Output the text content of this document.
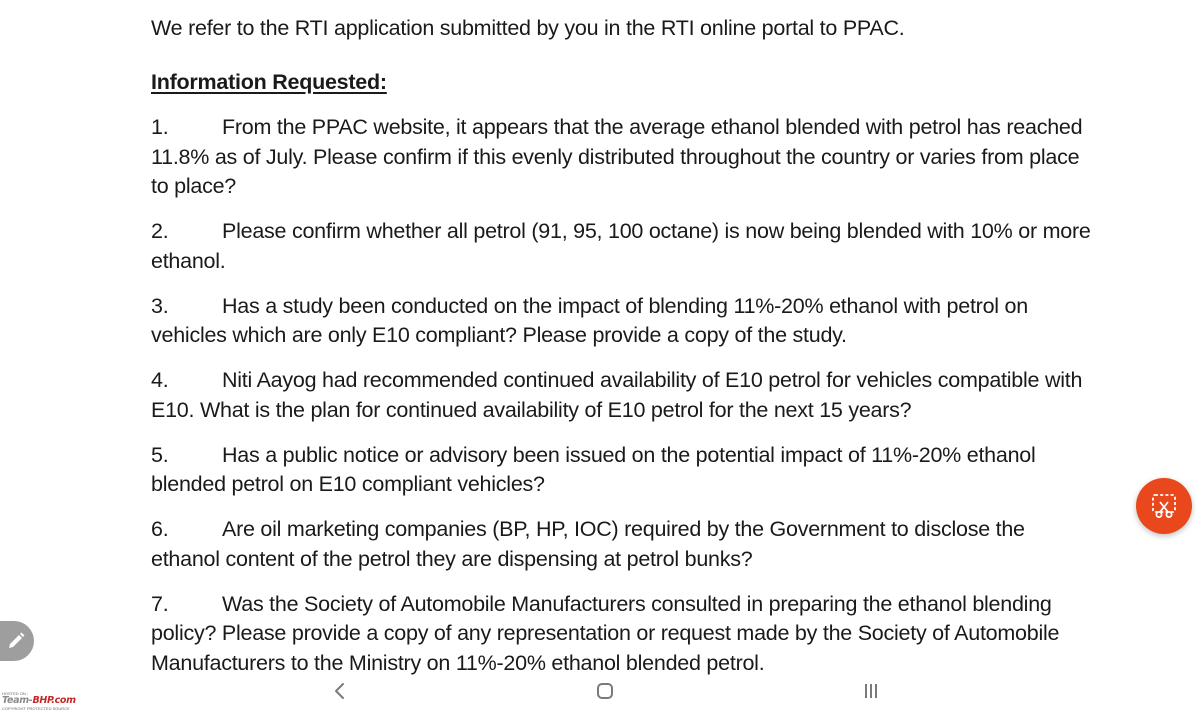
We refer to the RTI application submitted by you in the RTI online portal to PPAC.

Information Requested:

1. From the PPAC website, it appears that the average ethanol blended with petrol has reached 11.8% as of July. Please confirm if this evenly distributed throughout the country or varies from place to place?

2. Please confirm whether all petrol (91, 95, 100 octane) is now being blended with 10% or more ethanol.

3. Has a study been conducted on the impact of blending 11%-20% ethanol with petrol on vehicles which are only E10 compliant? Please provide a copy of the study.

4. Niti Aayog had recommended continued availability of E10 petrol for vehicles compatible with E10. What is the plan for continued availability of E10 petrol for the next 15 years?

5. Has a public notice or advisory been issued on the potential impact of 11%-20% ethanol blended petrol on E10 compliant vehicles?

6. Are oil marketing companies (BP, HP, IOC) required by the Government to disclose the ethanol content of the petrol they are dispensing at petrol bunks?

7. Was the Society of Automobile Manufacturers consulted in preparing the ethanol blending policy? Please provide a copy of any representation or request made by the Society of Automobile Manufacturers to the Ministry on 11%-20% ethanol blended petrol.

HOSTED ON :
Team-BHP.com
COPYRIGHT PROTECTED SOURCE
